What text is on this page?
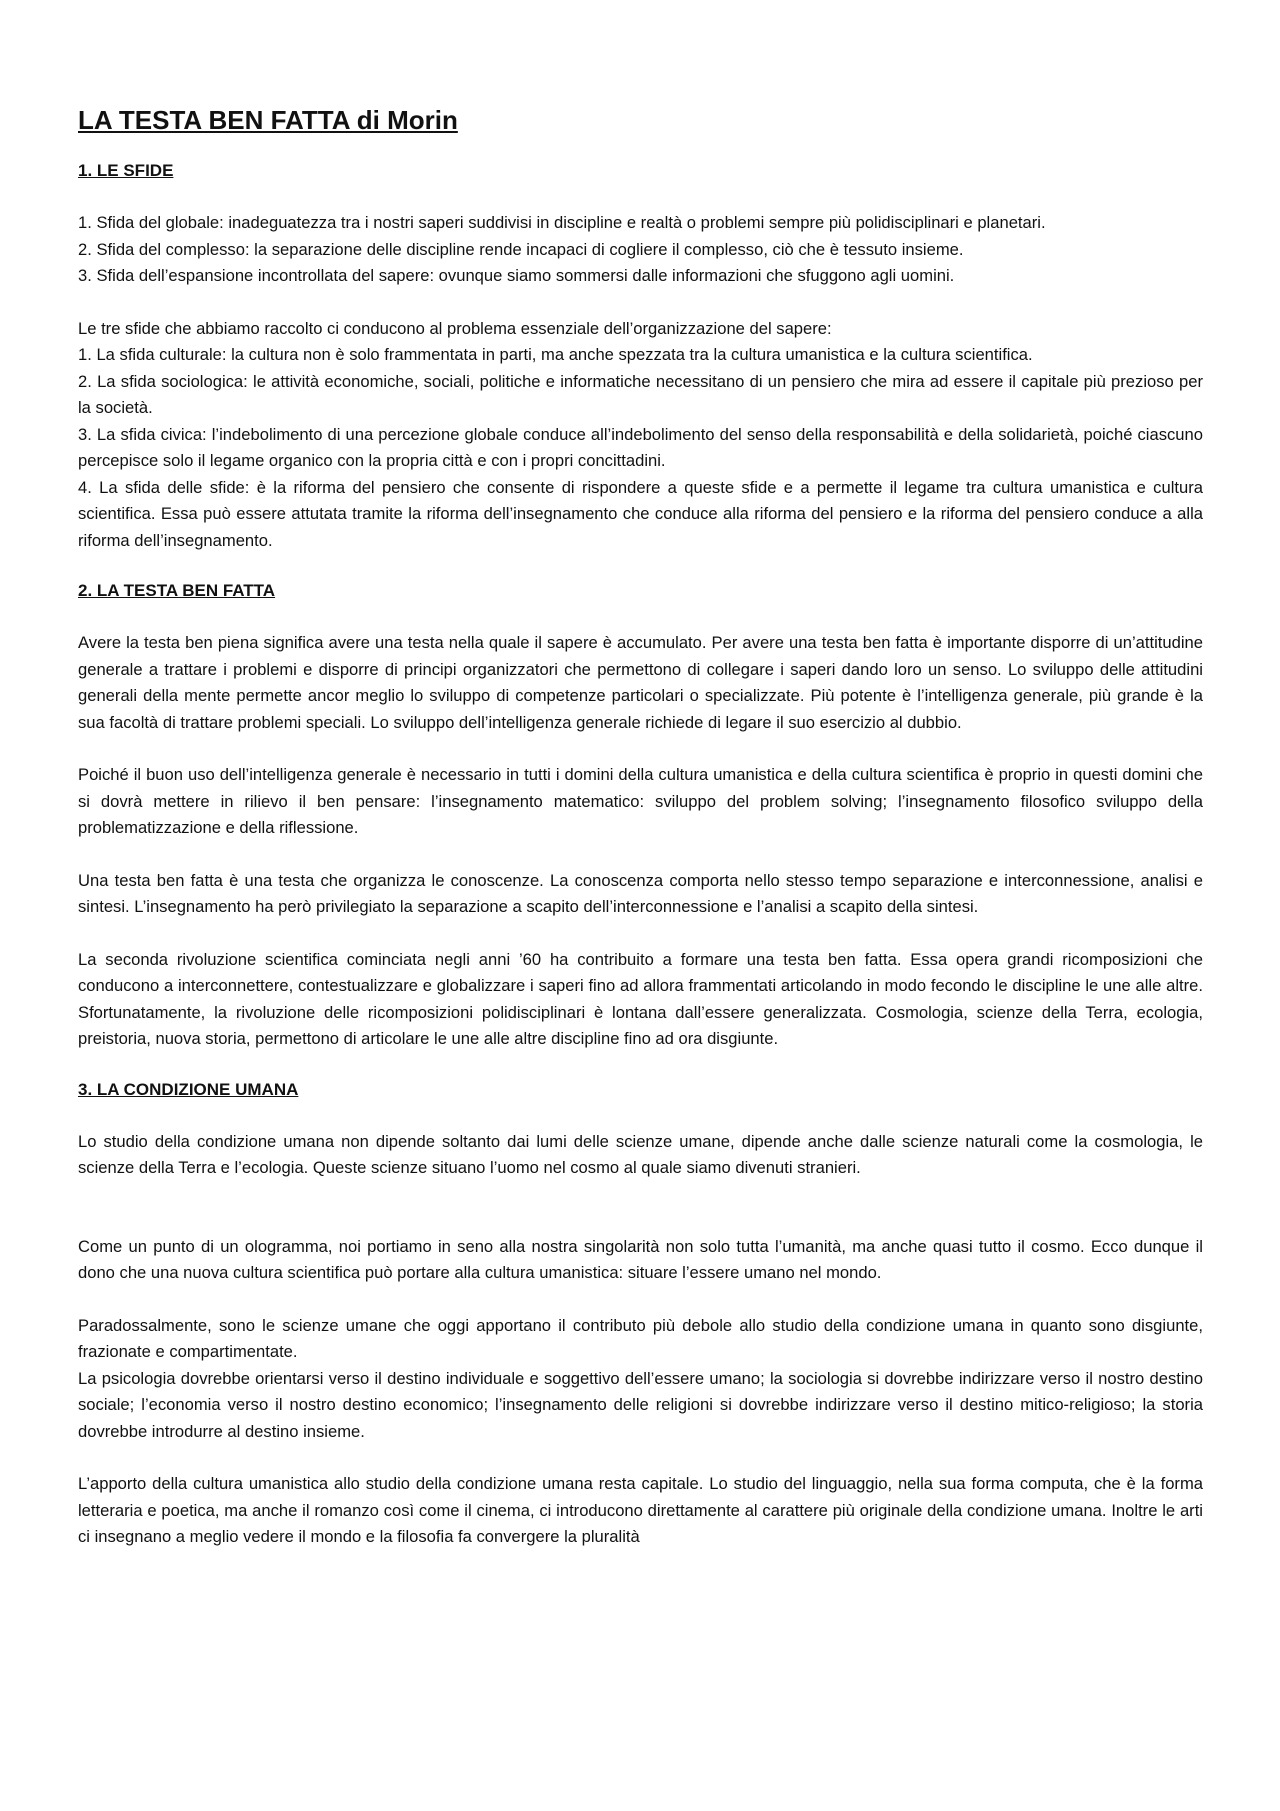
LA TESTA BEN FATTA di Morin
1. LE SFIDE

1. Sfida del globale: inadeguatezza tra i nostri saperi suddivisi in discipline e realtà o problemi sempre più polidisciplinari e planetari.

2. Sfida del complesso: la separazione delle discipline rende incapaci di cogliere il complesso, ciò che è tessuto insieme.

3. Sfida dell’espansione incontrollata del sapere: ovunque siamo sommersi dalle informazioni che sfuggono agli uomini.

Le tre sfide che abbiamo raccolto ci conducono al problema essenziale dell’organizzazione del sapere:

1. La sfida culturale: la cultura non è solo frammentata in parti, ma anche spezzata tra la cultura umanistica e la cultura scientifica.

2. La sfida sociologica: le attività economiche, sociali, politiche e informatiche necessitano di un pensiero che mira ad essere il capitale più prezioso per la società.

3. La sfida civica: l’indebolimento di una percezione globale conduce all’indebolimento del senso della responsabilità e della solidarietà, poiché ciascuno percepisce solo il legame organico con la propria città e con i propri concittadini.

4. La sfida delle sfide: è la riforma del pensiero che consente di rispondere a queste sfide e a permette il legame tra cultura umanistica e cultura scientifica. Essa può essere attutata tramite la riforma dell’insegnamento che conduce alla riforma del pensiero e la riforma del pensiero conduce a alla riforma dell’insegnamento.

2. LA TESTA BEN FATTA

Avere la testa ben piena significa avere una testa nella quale il sapere è accumulato. Per avere una testa ben fatta è importante disporre di un’attitudine generale a trattare i problemi e disporre di principi organizzatori che permettono di collegare i saperi dando loro un senso. Lo sviluppo delle attitudini generali della mente permette ancor meglio lo sviluppo di competenze particolari o specializzate. Più potente è l’intelligenza generale, più grande è la sua facoltà di trattare problemi speciali. Lo sviluppo dell’intelligenza generale richiede di legare il suo esercizio al dubbio.

Poiché il buon uso dell’intelligenza generale è necessario in tutti i domini della cultura umanistica e della cultura scientifica è proprio in questi domini che si dovrà mettere in rilievo il ben pensare: l’insegnamento matematico: sviluppo del problem solving; l’insegnamento filosofico sviluppo della problematizzazione e della riflessione.

Una testa ben fatta è una testa che organizza le conoscenze. La conoscenza comporta nello stesso tempo separazione e interconnessione, analisi e sintesi. L’insegnamento ha però privilegiato la separazione a scapito dell’interconnessione e l’analisi a scapito della sintesi.

La seconda rivoluzione scientifica cominciata negli anni ’60 ha contribuito a formare una testa ben fatta. Essa opera grandi ricomposizioni che conducono a interconnettere, contestualizzare e globalizzare i saperi fino ad allora frammentati articolando in modo fecondo le discipline le une alle altre. Sfortunatamente, la rivoluzione delle ricomposizioni polidisciplinari è lontana dall’essere generalizzata. Cosmologia, scienze della Terra, ecologia, preistoria, nuova storia, permettono di articolare le une alle altre discipline fino ad ora disgiunte.

3. LA CONDIZIONE UMANA

Lo studio della condizione umana non dipende soltanto dai lumi delle scienze umane, dipende anche dalle scienze naturali come la cosmologia, le scienze della Terra e l’ecologia. Queste scienze situano l’uomo nel cosmo al quale siamo divenuti stranieri.

Come un punto di un ologramma, noi portiamo in seno alla nostra singolarità non solo tutta l’umanità, ma anche quasi tutto il cosmo. Ecco dunque il dono che una nuova cultura scientifica può portare alla cultura umanistica: situare l’essere umano nel mondo.

Paradossalmente, sono le scienze umane che oggi apportano il contributo più debole allo studio della condizione umana in quanto sono disgiunte, frazionate e compartimentate.

La psicologia dovrebbe orientarsi verso il destino individuale e soggettivo dell’essere umano; la sociologia si dovrebbe indirizzare verso il nostro destino sociale; l’economia verso il nostro destino economico; l’insegnamento delle religioni si dovrebbe indirizzare verso il destino mitico-religioso; la storia dovrebbe introdurre al destino insieme.

L’apporto della cultura umanistica allo studio della condizione umana resta capitale. Lo studio del linguaggio, nella sua forma computa, che è la forma letteraria e poetica, ma anche il romanzo così come il cinema, ci introducono direttamente al carattere più originale della condizione umana. Inoltre le arti ci insegnano a meglio vedere il mondo e la filosofia fa convergere la pluralità
